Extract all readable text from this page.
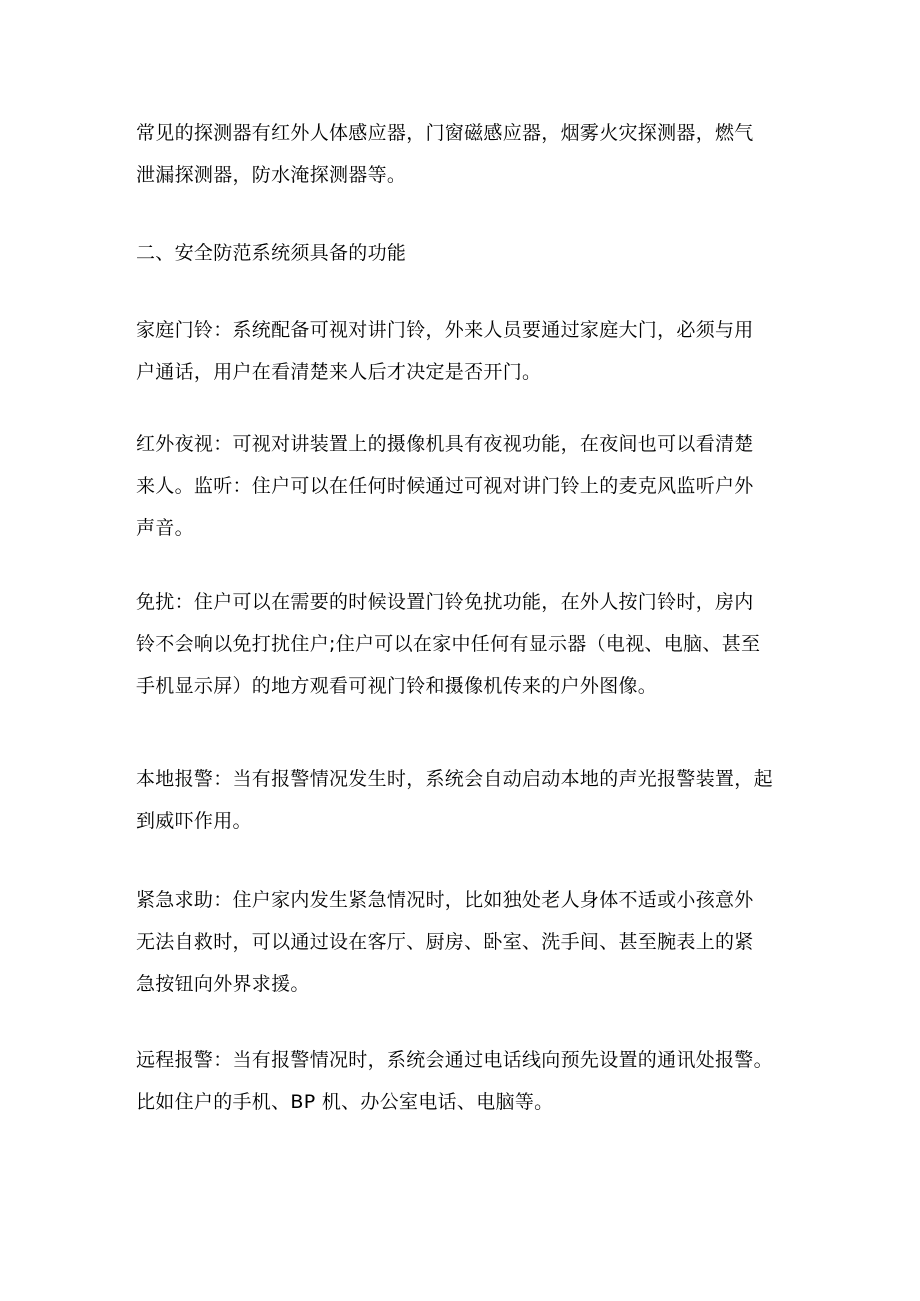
常见的探测器有红外人体感应器，门窗磁感应器，烟雾火灾探测器，燃气
泄漏探测器，防水淹探测器等。

二、安全防范系统须具备的功能

家庭门铃：系统配备可视对讲门铃，外来人员要通过家庭大门，必须与用
户通话，用户在看清楚来人后才决定是否开门。

红外夜视：可视对讲装置上的摄像机具有夜视功能，在夜间也可以看清楚
来人。监听：住户可以在任何时候通过可视对讲门铃上的麦克风监听户外
声音。

免扰：住户可以在需要的时候设置门铃免扰功能，在外人按门铃时，房内
铃不会响以免打扰住户;住户可以在家中任何有显示器（电视、电脑、甚至
手机显示屏）的地方观看可视门铃和摄像机传来的户外图像。

本地报警：当有报警情况发生时，系统会自动启动本地的声光报警装置，起
到威吓作用。

紧急求助：住户家内发生紧急情况时，比如独处老人身体不适或小孩意外
无法自救时，可以通过设在客厅、厨房、卧室、洗手间、甚至腕表上的紧
急按钮向外界求援。

远程报警：当有报警情况时，系统会通过电话线向预先设置的通讯处报警。
比如住户的手机、BP 机、办公室电话、电脑等。
